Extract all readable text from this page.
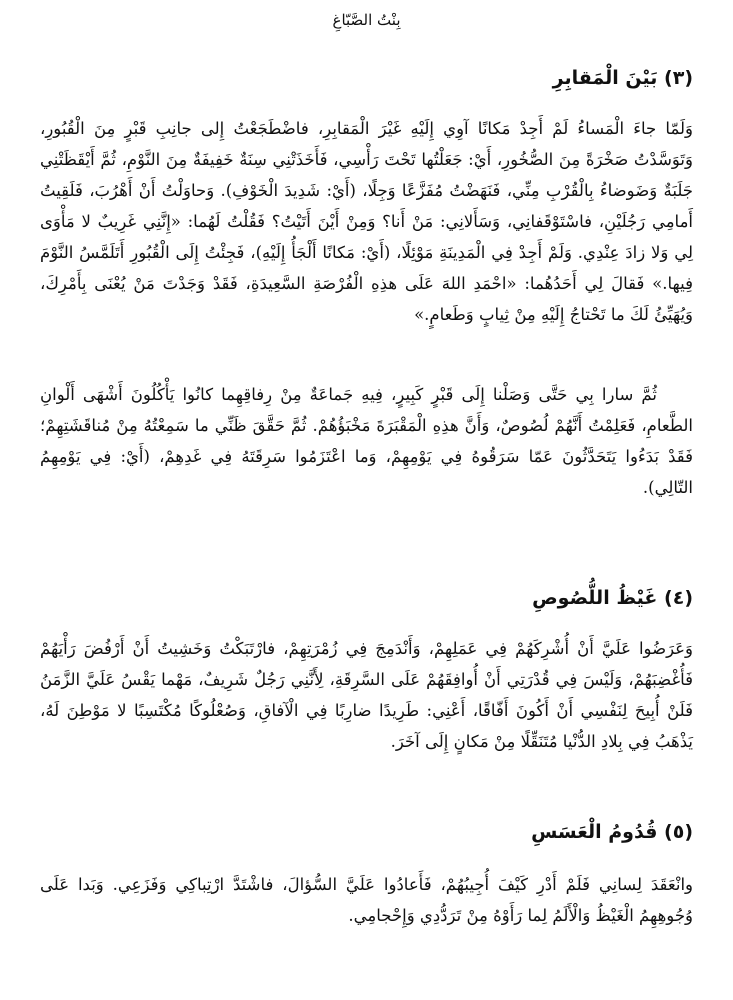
بِنْتُ الصَّبّاغِ
(٣) بَيْنَ الْمَقابِرِ

وَلَمّا جاءَ الْمَساءُ لَمْ أَجِدْ مَكانًا آوِي إِلَيْهِ غَيْرَ الْمَقابِرِ، فاضْطَجَعْتُ إِلى جانِبِ قَبْرٍ مِنَ الْقُبُورِ، وَتَوَسَّدْتُ صَخْرَةً مِنَ الصُّخُورِ، أَيْ: جَعَلْتُها تَحْتَ رَأْسِي، فَأَخَذَتْنِي سِنَةٌ خَفِيفَةٌ مِنَ النَّوْمِ، ثُمَّ أَيْقَظَتْنِي جَلَبَةٌ وَضَوضاءُ بِالْقُرْبِ مِنِّي، فَنَهَضْتُ مُفَزَّعًا وَجِلًا، (أَيْ: شَدِيدَ الْخَوْفِ). وَحاوَلْتُ أَنْ أَهْرُبَ، فَلَقِيتُ أَمامِي رَجُلَيْنِ، فاسْتَوْقَفانِي، وَسَأَلانِي: مَنْ أَنا؟ وَمِنْ أَيْنَ أَتَيْتُ؟ فَقُلْتُ لَهُما: «إِنَّنِي غَرِيبٌ لا مَأْوَى لِي وَلا زادَ عِنْدِي. وَلَمْ أَجِدْ فِي الْمَدِينَةِ مَوْئِلًا، (أَيْ: مَكانًا أَلْجَأُ إِلَيْهِ)، فَجِئْتُ إِلَى الْقُبُورِ أَتَلَمَّسُ النَّوْمَ فِيها.» فَقالَ لِي أَحَدُهُما: «احْمَدِ اللهَ عَلَى هذِهِ الْفُرْصَةِ السَّعِيدَةِ، فَقَدْ وَجَدْتَ مَنْ يُعْنَى بِأَمْرِكَ، وَيُهَيِّئُ لَكَ ما تَحْتاجُ إِلَيْهِ مِنْ ثِيابٍ وَطَعامٍ.»

ثُمَّ سارا بِي حَتَّى وَصَلْنا إِلَى قَبْرٍ كَبِيرٍ، فِيهِ جَماعَةٌ مِنْ رِفاقِهِما كانُوا يَأْكُلُونَ أَشْهَى أَلْوانِ الطَّعامِ، فَعَلِمْتُ أَنَّهُمْ لُصُوصٌ، وَأَنَّ هذِهِ الْمَقْبَرَةَ مَخْبَؤُهُمْ. ثُمَّ حَقَّقَ ظَنِّي ما سَمِعْتُهُ مِنْ مُناقَشَتِهِمْ؛ فَقَدْ بَدَءُوا يَتَحَدَّثُونَ عَمّا سَرَقُوهُ فِي يَوْمِهِمْ، وَما اعْتَزَمُوا سَرِقَتَهُ فِي غَدِهِمْ، (أَيْ: فِي يَوْمِهِمُ التّالِي).

(٤) غَيْظُ اللُّصُوصِ

وَعَرَضُوا عَلَيَّ أَنْ أُشْرِكَهُمْ فِي عَمَلِهِمْ، وَأَنْدَمِجَ فِي زُمْرَتِهِمْ، فارْتَبَكْتُ وَخَشِيتُ أَنْ أَرْفُضَ رَأْيَهُمْ فَأُغْضِبَهُمْ، وَلَيْسَ فِي قُدْرَتِي أَنْ أُوافِقَهُمْ عَلَى السَّرِقَةِ، لِأَنَّنِي رَجُلٌ شَرِيفٌ، مَهْما يَقْسُ عَلَيَّ الزَّمَنُ فَلَنْ أُبِيحَ لِنَفْسِي أَنْ أَكُونَ أَفّاقًا، أَعْنِي: طَرِيدًا ضارِبًا فِي الْآفاقِ، وَصُعْلُوكًا مُكْتَسِبًا لا مَوْطِنَ لَهُ، يَذْهَبُ فِي بِلادِ الدُّنْيا مُتَنَقِّلًا مِنْ مَكانٍ إِلَى آخَرَ.

(٥) قُدُومُ الْعَسَسِ

وانْعَقَدَ لِسانِي فَلَمْ أَدْرِ كَيْفَ أُجِيبُهُمْ، فَأَعادُوا عَلَيَّ السُّؤالَ، فاشْتَدَّ ارْتِباكِي وَفَزَعِي. وَبَدا عَلَى وُجُوهِهِمُ الْغَيْظُ وَالْأَلَمُ لِما رَأَوْهُ مِنْ تَرَدُّدِي وَإِحْجامِي.
